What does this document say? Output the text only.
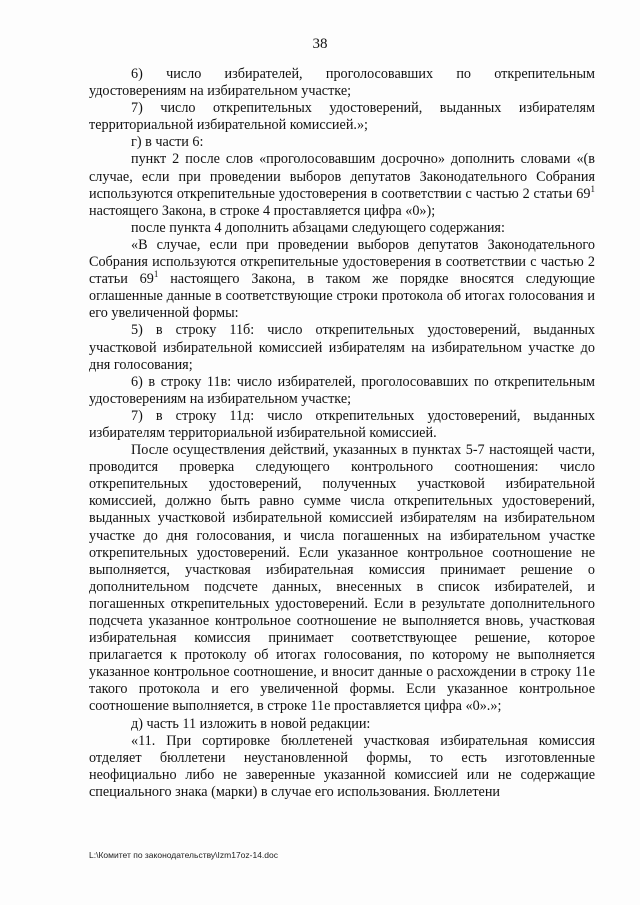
38

6) число избирателей, проголосовавших по открепительным удостоверениям на избирательном участке;

7) число открепительных удостоверений, выданных избирателям территориальной избирательной комиссией.»;

г) в части 6:

пункт 2 после слов «проголосовавшим досрочно» дополнить словами «(в случае, если при проведении выборов депутатов Законодательного Собрания используются открепительные удостоверения в соответствии с частью 2 статьи $69^1$ настоящего Закона, в строке 4 проставляется цифра «0»);

после пункта 4 дополнить абзацами следующего содержания:

«В случае, если при проведении выборов депутатов Законодательного Собрания используются открепительные удостоверения в соответствии с частью 2 статьи $69^1$ настоящего Закона, в таком же порядке вносятся следующие оглашенные данные в соответствующие строки протокола об итогах голосования и его увеличенной формы:

5) в строку 11б: число открепительных удостоверений, выданных участковой избирательной комиссией избирателям на избирательном участке до дня голосования;

6) в строку 11в: число избирателей, проголосовавших по открепительным удостоверениям на избирательном участке;

7) в строку 11д: число открепительных удостоверений, выданных избирателям территориальной избирательной комиссией.

После осуществления действий, указанных в пунктах 5-7 настоящей части, проводится проверка следующего контрольного соотношения: число открепительных удостоверений, полученных участковой избирательной комиссией, должно быть равно сумме числа открепительных удостоверений, выданных участковой избирательной комиссией избирателям на избирательном участке до дня голосования, и числа погашенных на избирательном участке открепительных удостоверений. Если указанное контрольное соотношение не выполняется, участковая избирательная комиссия принимает решение о дополнительном подсчете данных, внесенных в список избирателей, и погашенных открепительных удостоверений. Если в результате дополнительного подсчета указанное контрольное соотношение не выполняется вновь, участковая избирательная комиссия принимает соответствующее решение, которое прилагается к протоколу об итогах голосования, по которому не выполняется указанное контрольное соотношение, и вносит данные о расхождении в строку 11е такого протокола и его увеличенной формы. Если указанное контрольное соотношение выполняется, в строке 11е проставляется цифра «0».»;

д) часть 11 изложить в новой редакции:

«11. При сортировке бюллетеней участковая избирательная комиссия отделяет бюллетени неустановленной формы, то есть изготовленные неофициально либо не заверенные указанной комиссией или не содержащие специального знака (марки) в случае его использования. Бюллетени

L:\Комитет по законодательству\Izm17oz-14.doc
